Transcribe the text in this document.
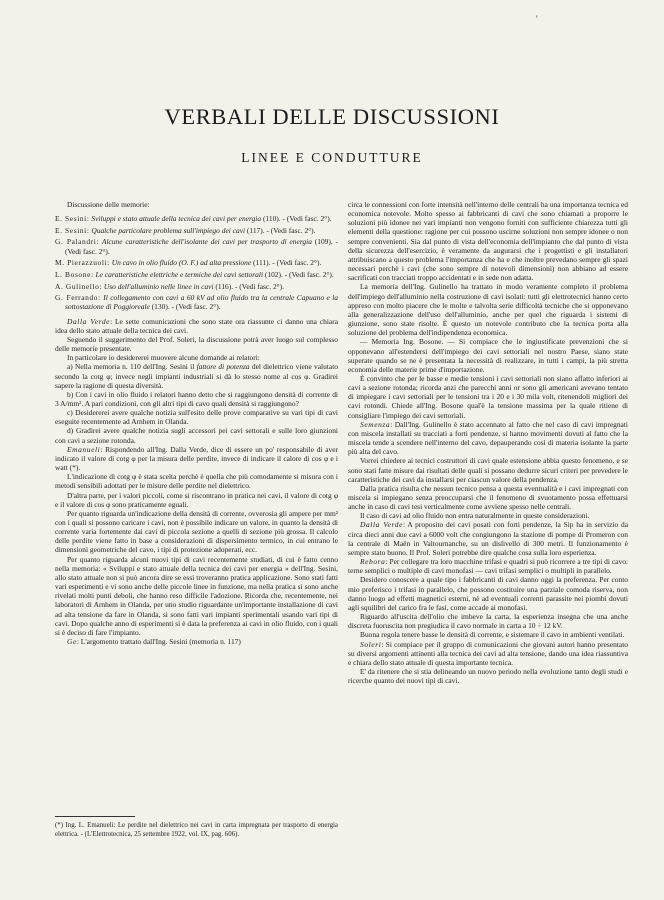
'
VERBALI DELLE DISCUSSIONI
LINEE E CONDUTTURE

Discussione delle memorie:

E. Sesini: Sviluppi e stato attuale della tecnica dei cavi per energia (110). - (Vedi fasc. 2°).

E. Sesini: Qualche particolare problema sull'impiego dei cavi (117). - (Vedi fasc. 2°).

G. Palandri: Alcune caratteristiche dell'isolante dei cavi per trasporto di energia (109). - (Vedi fasc. 2°).

M. Pierazzuoli: Un cavo in olio fluido (O. F.) ad alta pressione (111). - (Vedi fasc. 2°).

L. Bosone: Le caratteristiche elettriche e termiche dei cavi settorali (102). - (Vedi fasc. 2°).

A. Gulinello: Uso dell'alluminio nelle linee in cavi (116). - (Vedi fasc. 2°).

G. Ferrando: Il collegamento con cavi a 60 kV ad olio fluido tra la centrale Capuano e la sottostazione di Poggioreale (130). - (Vedi fasc. 2°).

Dalla Verde: Le sette comunicazioni che sono state ora riassunte ci danno una chiara idea dello stato attuale della tecnica dei cavi.

Seguendo il suggerimento del Prof. Soleri, la discussione potrà aver luogo sul complesso delle memorie presentate.

In particolare io desidererei muovere alcune domande ai relatori:

a) Nella memoria n. 110 dell'Ing. Sesini il fattore di potenza del dielettrico viene valutato secondo la cotg φ; invece negli impianti industriali si dà lo stesso nome al cos φ. Gradirei sapere la ragione di questa diversità.

b) Con i cavi in olio fluido i relatori hanno detto che si raggiungono densità di corrente di 3 A/mm². A pari condizioni, con gli altri tipi di cavo quali densità si raggiungono?

c) Desidererei avere qualche notizia sull'esito delle prove comparative su vari tipi di cavi eseguite recentemente ad Arnhem in Olanda.

d) Gradirei avere qualche notizia sugli accessori pei cavi settorali e sulle loro giunzioni con cavi a sezione rotonda.

Emanueli: Rispondendo all'Ing. Dalla Verde, dice di essere un po' responsabile di aver indicato il valore di cotg φ per la misura delle perdite, invece di indicare il calore di cos φ e i watt (*).

L'indicazione di cotg φ è stata scelta perchè è quella che più comodamente si misura con i metodi sensibili adottati per le misure delle perdite nel dielettrico.

D'altra parte, per i valori piccoli, come si riscontrano in pratica nei cavi, il valore di cotg φ e il valore di cos φ sono praticamente eguali.

Per quanto riguarda un'indicazione della densità di corrente, ovverosia gli ampere per mm² con i quali si possono caricare i cavi, non è possibile indicare un valore, in quanto la densità di corrente varia fortemente dai cavi di piccola sezione a quelli di sezione più grossa. Il calcolo delle perdite viene fatto in base a considerazioni di dispersimento termico, in cui entrano le dimensioni geometriche del cavo, i tipi di protezione adoperati, ecc.

Per quanto riguarda alcuni nuovi tipi di cavi recentemente studiati, di cui è fatto cenno nella memoria: « Sviluppi e stato attuale della tecnica dei cavi per energia » dell'Ing. Sesini, allo stato attuale non si può ancora dire se essi troveranno pratica applicazione. Sono stati fatti vari esperimenti e vi sono anche delle piccole linee in funzione, ma nella pratica si sono anche rivelati molti punti deboli, che hanno reso difficile l'adozione. Ricorda che, recentemente, nei laboratori di Arnhem in Olanda, per uno studio riguardante un'importante installazione di cavi ad alta tensione da fare in Olanda, si sono fatti vari impianti sperimentali usando vari tipi di cavi. Dopo qualche anno di esperimenti si è data la preferenza ai cavi in olio fluido, con i quali si è deciso di fare l'impianto.

Ge: L'argomento trattato dall'Ing. Sesini (memoria n. 117)

(*) Ing. L. Emanueli: Le perdite nel dielettrico nei cavi in carta impregnata per trasporto di energia elettrica. - (L'Elettrotecnica, 25 settembre 1922, vol. IX, pag. 606).

circa le connessioni con forte intensità nell'interno delle centrali ha una importanza tecnica ed economica notevole. Molto spesso ai fabbricanti di cavi che sono chiamati a proporre le soluzioni più idonee nei vari impianti non vengono forniti con sufficiente chiarezza tutti gli elementi della questione: ragione per cui possono uscirne soluzioni non sempre idonee o non sempre convenienti. Sia dal punto di vista dell'economia dell'impianto che dal punto di vista della sicurezza dell'esercizio, è veramente da augurarsi che i progettisti e gli installatori attribuiscano a questo problema l'importanza che ha e che inoltre prevedano sempre gli spazi necessari perchè i cavi (che sono sempre di notevoli dimensioni) non abbiano ad essere sacrificati con tracciati troppo accidentati e in sede non adatta.

La memoria dell'Ing. Gulinello ha trattato in modo veramente completo il problema dell'impiego dell'alluminio nella costruzione di cavi isolati: tutti gli elettrotecnici hanno certo appreso con molto piacere che le molte e talvolta serie difficoltà tecniche che si opponevano alla generalizzazione dell'uso dell'alluminio, anche per quel che riguarda i sistemi di giunzione, sono state risolte. È questo un notevole contributo che la tecnica porta alla soluzione del problema dell'indipendenza economica.

— Memoria Ing. Bosone. — Si compiace che le ingiustificate prevenzioni che si opponevano all'estendersi dell'impiego dei cavi settoriali nel nostro Paese, siano state superate quando se ne è presentata la necessità di realizzare, in tutti i campi, la più stretta economia delle materie prime d'importazione.

È convinto che per le basse e medie tensioni i cavi settoriali non siano affatto inferiori ai cavi a sezione rotonda; ricorda anzi che parecchi anni or sono gli americani avevano tentato di impiegare i cavi settoriali per le tensioni tra i 20 e i 30 mila volt, ritenendoli migliori dei cavi rotondi. Chiede all'Ing. Bosone qual'è la tensione massima per la quale ritiene di consigliare l'impiego dei cavi settoriali.

Semenza: Dall'Ing. Gulinello è stato accennato al fatto che nel caso di cavi impregnati con miscela installati su tracciati a forti pendenze, si hanno movimenti dovuti al fatto che la miscela tende a scendere nell'interno del cavo, depauperando così di materia isolante la parte più alta del cavo.

Vorrei chiedere ai tecnici costruttori di cavi quale estensione abbia questo fenomeno, e se sono stati fatte misure dai risultati delle quali si possano dedurre sicuri criteri per prevedere le caratteristiche dei cavi da installarsi per ciascun valore della pendenza.

Dalla pratica risulta che nessun tecnico pensa a questa eventualità e i cavi impregnati con miscela si impiegano senza preoccuparsi che il fenomeno di svuotamento possa effettuarsi anche in caso di cavi tesi verticalmente come avviene spesso nelle centrali.

Il caso di cavi ad olio fluido non entra naturalmente in queste considerazioni.

Dalla Verde: A proposito dei cavi posati con forti pendenze, la Sip ha in servizio da circa dieci anni due cavi a 6000 volt che congiungono la stazione di pompe di Promeron con la centrale di Maën in Valtournanche, su un dislivello di 300 metri. Il funzionamento è sempre stato buono. Il Prof. Soleri potrebbe dire qualche cosa sulla loro esperienza.

Rebora: Per collegare tra loro macchine trifasi e quadri si può ricorrere a tre tipi di cavo: terne semplici o multiple di cavi monofasi — cavi trifasi semplici o multipli in parallelo.

Desidero conoscere a quale tipo i fabbricanti di cavi danno oggi la preferenza. Per conto mio preferisco i trifasi in parallelo, che possono costituire una parziale comoda riserva, non danno luogo ad effetti magnetici esterni, nè ad eventuali correnti parassite nei piombi dovuti agli squilibri del carico fra le fasi, come accade ai monofasi.

Riguardo all'uscita dell'olio che imbeve la carta, la esperienza insegna che una anche discreta fuoruscita non pregiudica il cavo normale in carta a 10 ÷ 12 kV.

Buona regola tenere basse le densità di corrente, e sistemare il cavo in ambienti ventilati.

Soleri: Si compiace per il gruppo di comunicazioni che giovani autori hanno presentato su diversi argomenti attinenti alla tecnica dei cavi ad alta tensione, dando una idea riassuntiva e chiara dello stato attuale di questa importante tecnica.

E' da ritenere che si stia delineando un nuovo periodo nella evoluzione tanto degli studi e ricerche quanto dei nuovi tipi di cavi.
